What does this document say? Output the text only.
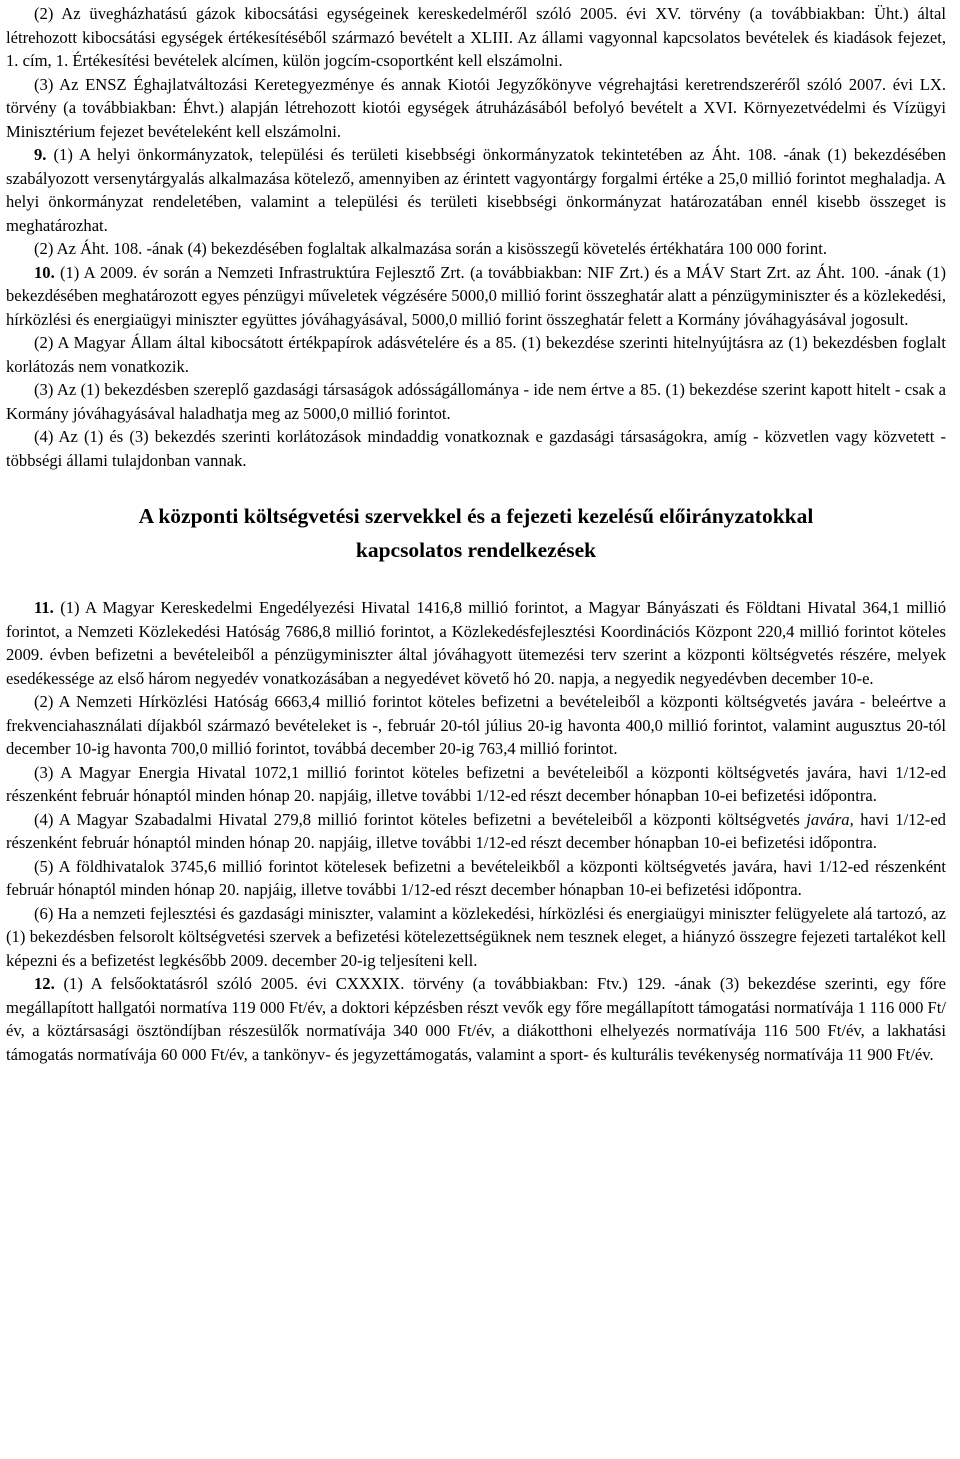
(2) Az üvegházhatású gázok kibocsátási egységeinek kereskedelméről szóló 2005. évi XV. törvény (a továbbiakban: Üht.) által létrehozott kibocsátási egységek értékesítéséből származó bevételt a XLIII. Az állami vagyonnal kapcsolatos bevételek és kiadások fejezet, 1. cím, 1. Értékesítési bevételek alcímen, külön jogcím-csoportként kell elszámolni.

(3) Az ENSZ Éghajlatváltozási Keretegyezménye és annak Kiotói Jegyzőkönyve végrehajtási keretrendszeréről szóló 2007. évi LX. törvény (a továbbiakban: Éhvt.) alapján létrehozott kiotói egységek átruházásából befolyó bevételt a XVI. Környezetvédelmi és Vízügyi Minisztérium fejezet bevételeként kell elszámolni.

9. (1) A helyi önkormányzatok, települési és területi kisebbségi önkormányzatok tekintetében az Áht. 108. -ának (1) bekezdésében szabályozott versenytárgyalás alkalmazása kötelező, amennyiben az érintett vagyontárgy forgalmi értéke a 25,0 millió forintot meghaladja. A helyi önkormányzat rendeletében, valamint a települési és területi kisebbségi önkormányzat határozatában ennél kisebb összeget is meghatározhat.

(2) Az Áht. 108. -ának (4) bekezdésében foglaltak alkalmazása során a kisösszegű követelés értékhatára 100 000 forint.

10. (1) A 2009. év során a Nemzeti Infrastruktúra Fejlesztő Zrt. (a továbbiakban: NIF Zrt.) és a MÁV Start Zrt. az Áht. 100. -ának (1) bekezdésében meghatározott egyes pénzügyi műveletek végzésére 5000,0 millió forint összeghatár alatt a pénzügyminiszter és a közlekedési, hírközlési és energiaügyi miniszter együttes jóváhagyásával, 5000,0 millió forint összeghatár felett a Kormány jóváhagyásával jogosult.

(2) A Magyar Állam által kibocsátott értékpapírok adásvételére és a 85. (1) bekezdése szerinti hitelnyújtásra az (1) bekezdésben foglalt korlátozás nem vonatkozik.

(3) Az (1) bekezdésben szereplő gazdasági társaságok adósságállománya - ide nem értve a 85. (1) bekezdése szerint kapott hitelt - csak a Kormány jóváhagyásával haladhatja meg az 5000,0 millió forintot.

(4) Az (1) és (3) bekezdés szerinti korlátozások mindaddig vonatkoznak e gazdasági társaságokra, amíg - közvetlen vagy közvetett - többségi állami tulajdonban vannak.

A központi költségvetési szervekkel és a fejezeti kezelésű előirányzatokkal
kapcsolatos rendelkezések

11. (1) A Magyar Kereskedelmi Engedélyezési Hivatal 1416,8 millió forintot, a Magyar Bányászati és Földtani Hivatal 364,1 millió forintot, a Nemzeti Közlekedési Hatóság 7686,8 millió forintot, a Közlekedésfejlesztési Koordinációs Központ 220,4 millió forintot köteles 2009. évben befizetni a bevételeiből a pénzügyminiszter által jóváhagyott ütemezési terv szerint a központi költségvetés részére, melyek esedékessége az első három negyedév vonatkozásában a negyedévet követő hó 20. napja, a negyedik negyedévben december 10-e.

(2) A Nemzeti Hírközlési Hatóság 6663,4 millió forintot köteles befizetni a bevételeiből a központi költségvetés javára - beleértve a frekvenciahasználati díjakból származó bevételeket is -, február 20-tól július 20-ig havonta 400,0 millió forintot, valamint augusztus 20-tól december 10-ig havonta 700,0 millió forintot, továbbá december 20-ig 763,4 millió forintot.

(3) A Magyar Energia Hivatal 1072,1 millió forintot köteles befizetni a bevételeiből a központi költségvetés javára, havi 1/12-ed részenként február hónaptól minden hónap 20. napjáig, illetve további 1/12-ed részt december hónapban 10-ei befizetési időpontra.

(4) A Magyar Szabadalmi Hivatal 279,8 millió forintot köteles befizetni a bevételeiből a központi költségvetés javára, havi 1/12-ed részenként február hónaptól minden hónap 20. napjáig, illetve további 1/12-ed részt december hónapban 10-ei befizetési időpontra.

(5) A földhivatalok 3745,6 millió forintot kötelesek befizetni a bevételeikből a központi költségvetés javára, havi 1/12-ed részenként február hónaptól minden hónap 20. napjáig, illetve további 1/12-ed részt december hónapban 10-ei befizetési időpontra.

(6) Ha a nemzeti fejlesztési és gazdasági miniszter, valamint a közlekedési, hírközlési és energiaügyi miniszter felügyelete alá tartozó, az (1) bekezdésben felsorolt költségvetési szervek a befizetési kötelezettségüknek nem tesznek eleget, a hiányzó összegre fejezeti tartalékot kell képezni és a befizetést legkésőbb 2009. december 20-ig teljesíteni kell.

12. (1) A felsőoktatásról szóló 2005. évi CXXXIX. törvény (a továbbiakban: Ftv.) 129. -ának (3) bekezdése szerinti, egy főre megállapított hallgatói normatíva 119 000 Ft/év, a doktori képzésben részt vevők egy főre megállapított támogatási normatívája 1 116 000 Ft/év, a köztársasági ösztöndíjban részesülők normatívája 340 000 Ft/év, a diákotthoni elhelyezés normatívája 116 500 Ft/év, a lakhatási támogatás normatívája 60 000 Ft/év, a tankönyv- és jegyzettámogatás, valamint a sport- és kulturális tevékenység normatívája 11 900 Ft/év.
